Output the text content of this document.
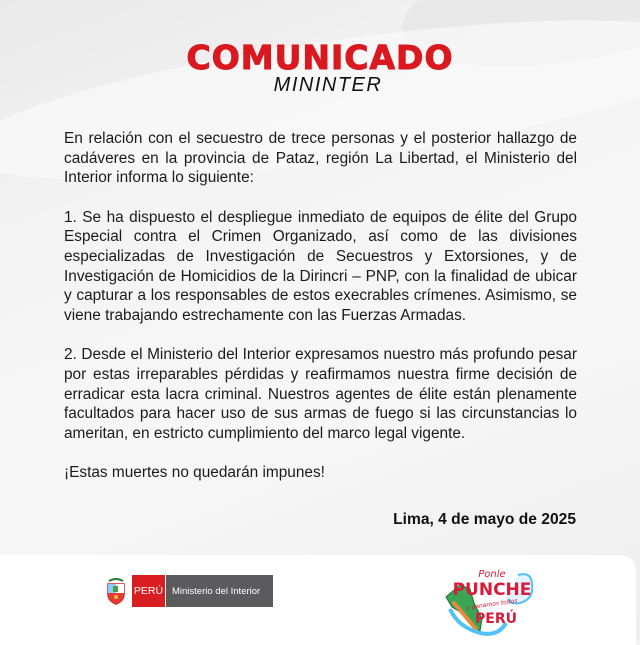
COMUNICADO
MININTER

En relación con el secuestro de trece personas y el posterior hallazgo de cadáveres en la provincia de Pataz, región La Libertad, el Ministerio del Interior informa lo siguiente:

1. Se ha dispuesto el despliegue inmediato de equipos de élite del Grupo Especial contra el Crimen Organizado, así como de las divisiones especializadas de Investigación de Secuestros y Extorsiones, y de Investigación de Homicidios de la Dirincri – PNP, con la finalidad de ubicar y capturar a los responsables de estos execrables crímenes. Asimismo, se viene trabajando estrechamente con las Fuerzas Armadas.

2. Desde el Ministerio del Interior expresamos nuestro más profundo pesar por estas irreparables pérdidas y reafirmamos nuestra firme decisión de erradicar esta lacra criminal. Nuestros agentes de élite están plenamente facultados para hacer uso de sus armas de fuego si las circunstancias lo ameritan, en estricto cumplimiento del marco legal vigente.

¡Estas muertes no quedarán impunes!

Lima, 4 de mayo de 2025
PERÚ Ministerio del Interior
Ponle
PUNCHE
y ganamos todos
PERÚ
